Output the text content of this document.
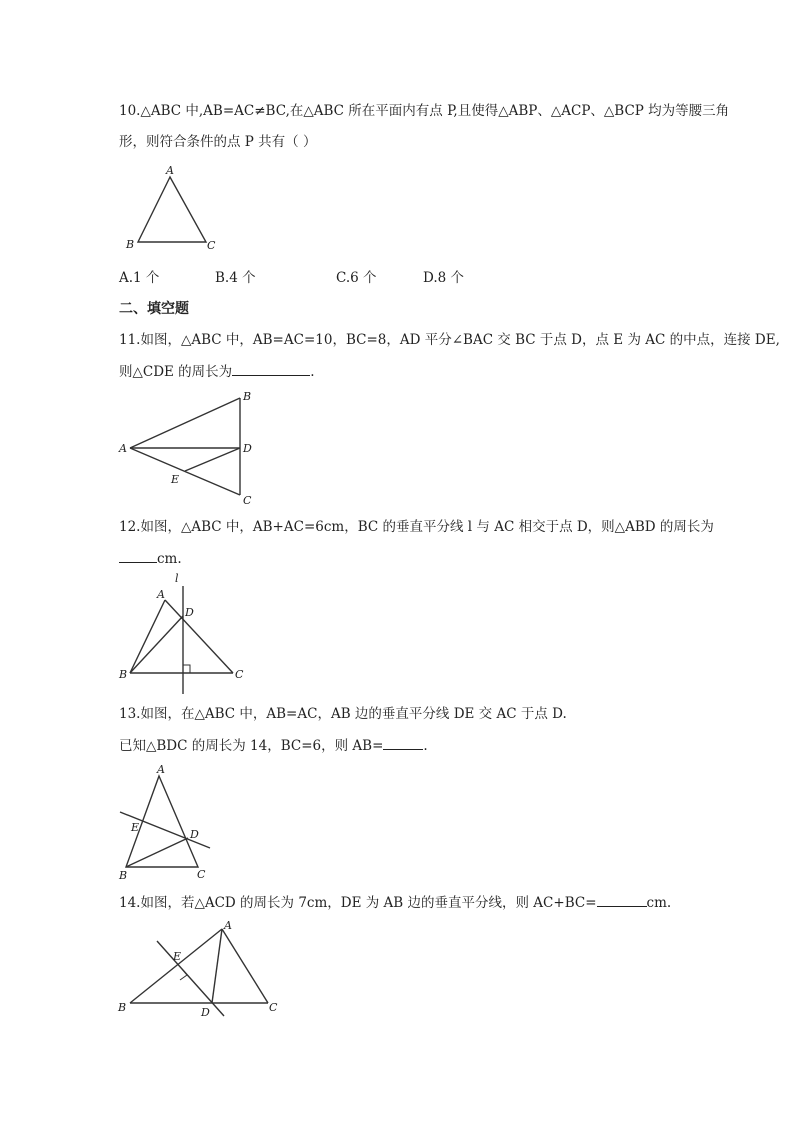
10.△ABC 中,AB=AC≠BC,在△ABC 所在平面内有点 P,且使得△ABP、△ACP、△BCP 均为等腰三角
形，则符合条件的点 P 共有（ ）
A
B	C
A.1 个	B.4 个	C.6 个	D.8 个
二、填空题
11.如图，△ABC 中，AB=AC=10，BC=8，AD 平分∠BAC 交 BC 于点 D，点 E 为 AC 的中点，连接 DE,
则△CDE 的周长为	.
A
B
C
D
E
12.如图，△ABC 中，AB+AC=6cm，BC 的垂直平分线 l 与 AC 相交于点 D，则△ABD 的周长为
cm.
l
A
B	C
D
13.如图，在△ABC 中，AB=AC，AB 边的垂直平分线 DE 交 AC 于点 D.
已知△BDC 的周长为 14，BC=6，则 AB=	.
A
B	C
D
E
14.如图，若△ACD 的周长为 7cm，DE 为 AB 边的垂直平分线，则 AC+BC=	cm.
A
B	C
D
E
